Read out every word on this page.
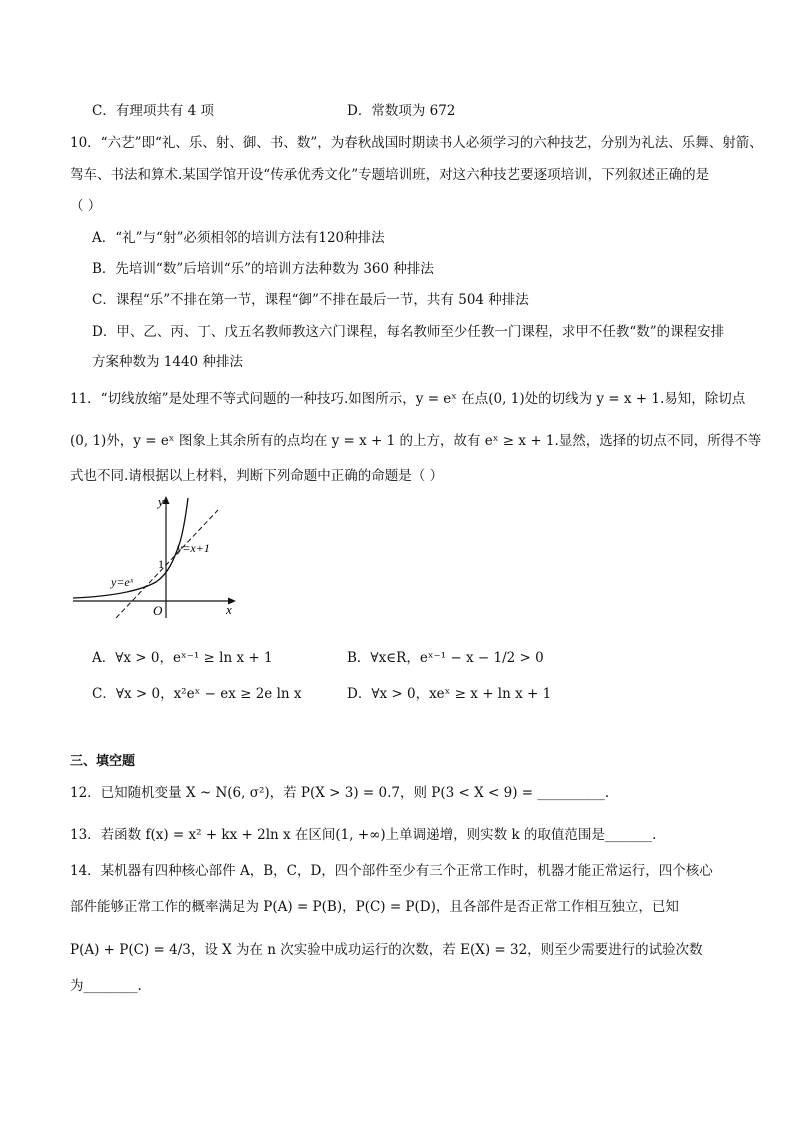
C．有理项共有 4 项	D．常数项为 672
10．“六艺”即“礼、乐、射、御、书、数”，为春秋战国时期读书人必须学习的六种技艺，分别为礼法、乐舞、射箭、
驾车、书法和算术.某国学馆开设“传承优秀文化”专题培训班，对这六种技艺要逐项培训，下列叙述正确的是
（ ）
A．“礼”与“射”必须相邻的培训方法有120种排法
B．先培训“数”后培训“乐”的培训方法种数为 360 种排法
C．课程“乐”不排在第一节，课程“御”不排在最后一节，共有 504 种排法
D．甲、乙、丙、丁、戊五名教师教这六门课程，每名教师至少任教一门课程，求甲不任教“数”的课程安排
方案种数为 1440 种排法
11．“切线放缩”是处理不等式问题的一种技巧.如图所示，y = eˣ 在点(0, 1)处的切线为 y = x + 1.易知，除切点
(0, 1)外，y = eˣ 图象上其余所有的点均在 y = x + 1 的上方，故有 eˣ ≥ x + 1.显然，选择的切点不同，所得不等
式也不同.请根据以上材料，判断下列命题中正确的命题是（ ）
y
x
O
1
y=eˣ
y=x+1
A．∀x > 0，eˣ⁻¹ ≥ ln x + 1	B．∀x∈R，eˣ⁻¹ − x − 1/2 > 0
C．∀x > 0，x²eˣ − ex ≥ 2e ln x	D．∀x > 0，xeˣ ≥ x + ln x + 1
三、填空题
12．已知随机变量 X ~ N(6, σ²)，若 P(X > 3) = 0.7，则 P(3 < X < 9) = __________.
13．若函数 f(x) = x² + kx + 2ln x 在区间(1, +∞)上单调递增，则实数 k 的取值范围是_______.
14．某机器有四种核心部件 A，B，C，D，四个部件至少有三个正常工作时，机器才能正常运行，四个核心
部件能够正常工作的概率满足为 P(A) = P(B)，P(C) = P(D)，且各部件是否正常工作相互独立，已知
P(A) + P(C) = 4/3，设 X 为在 n 次实验中成功运行的次数，若 E(X) = 32，则至少需要进行的试验次数
为________.
